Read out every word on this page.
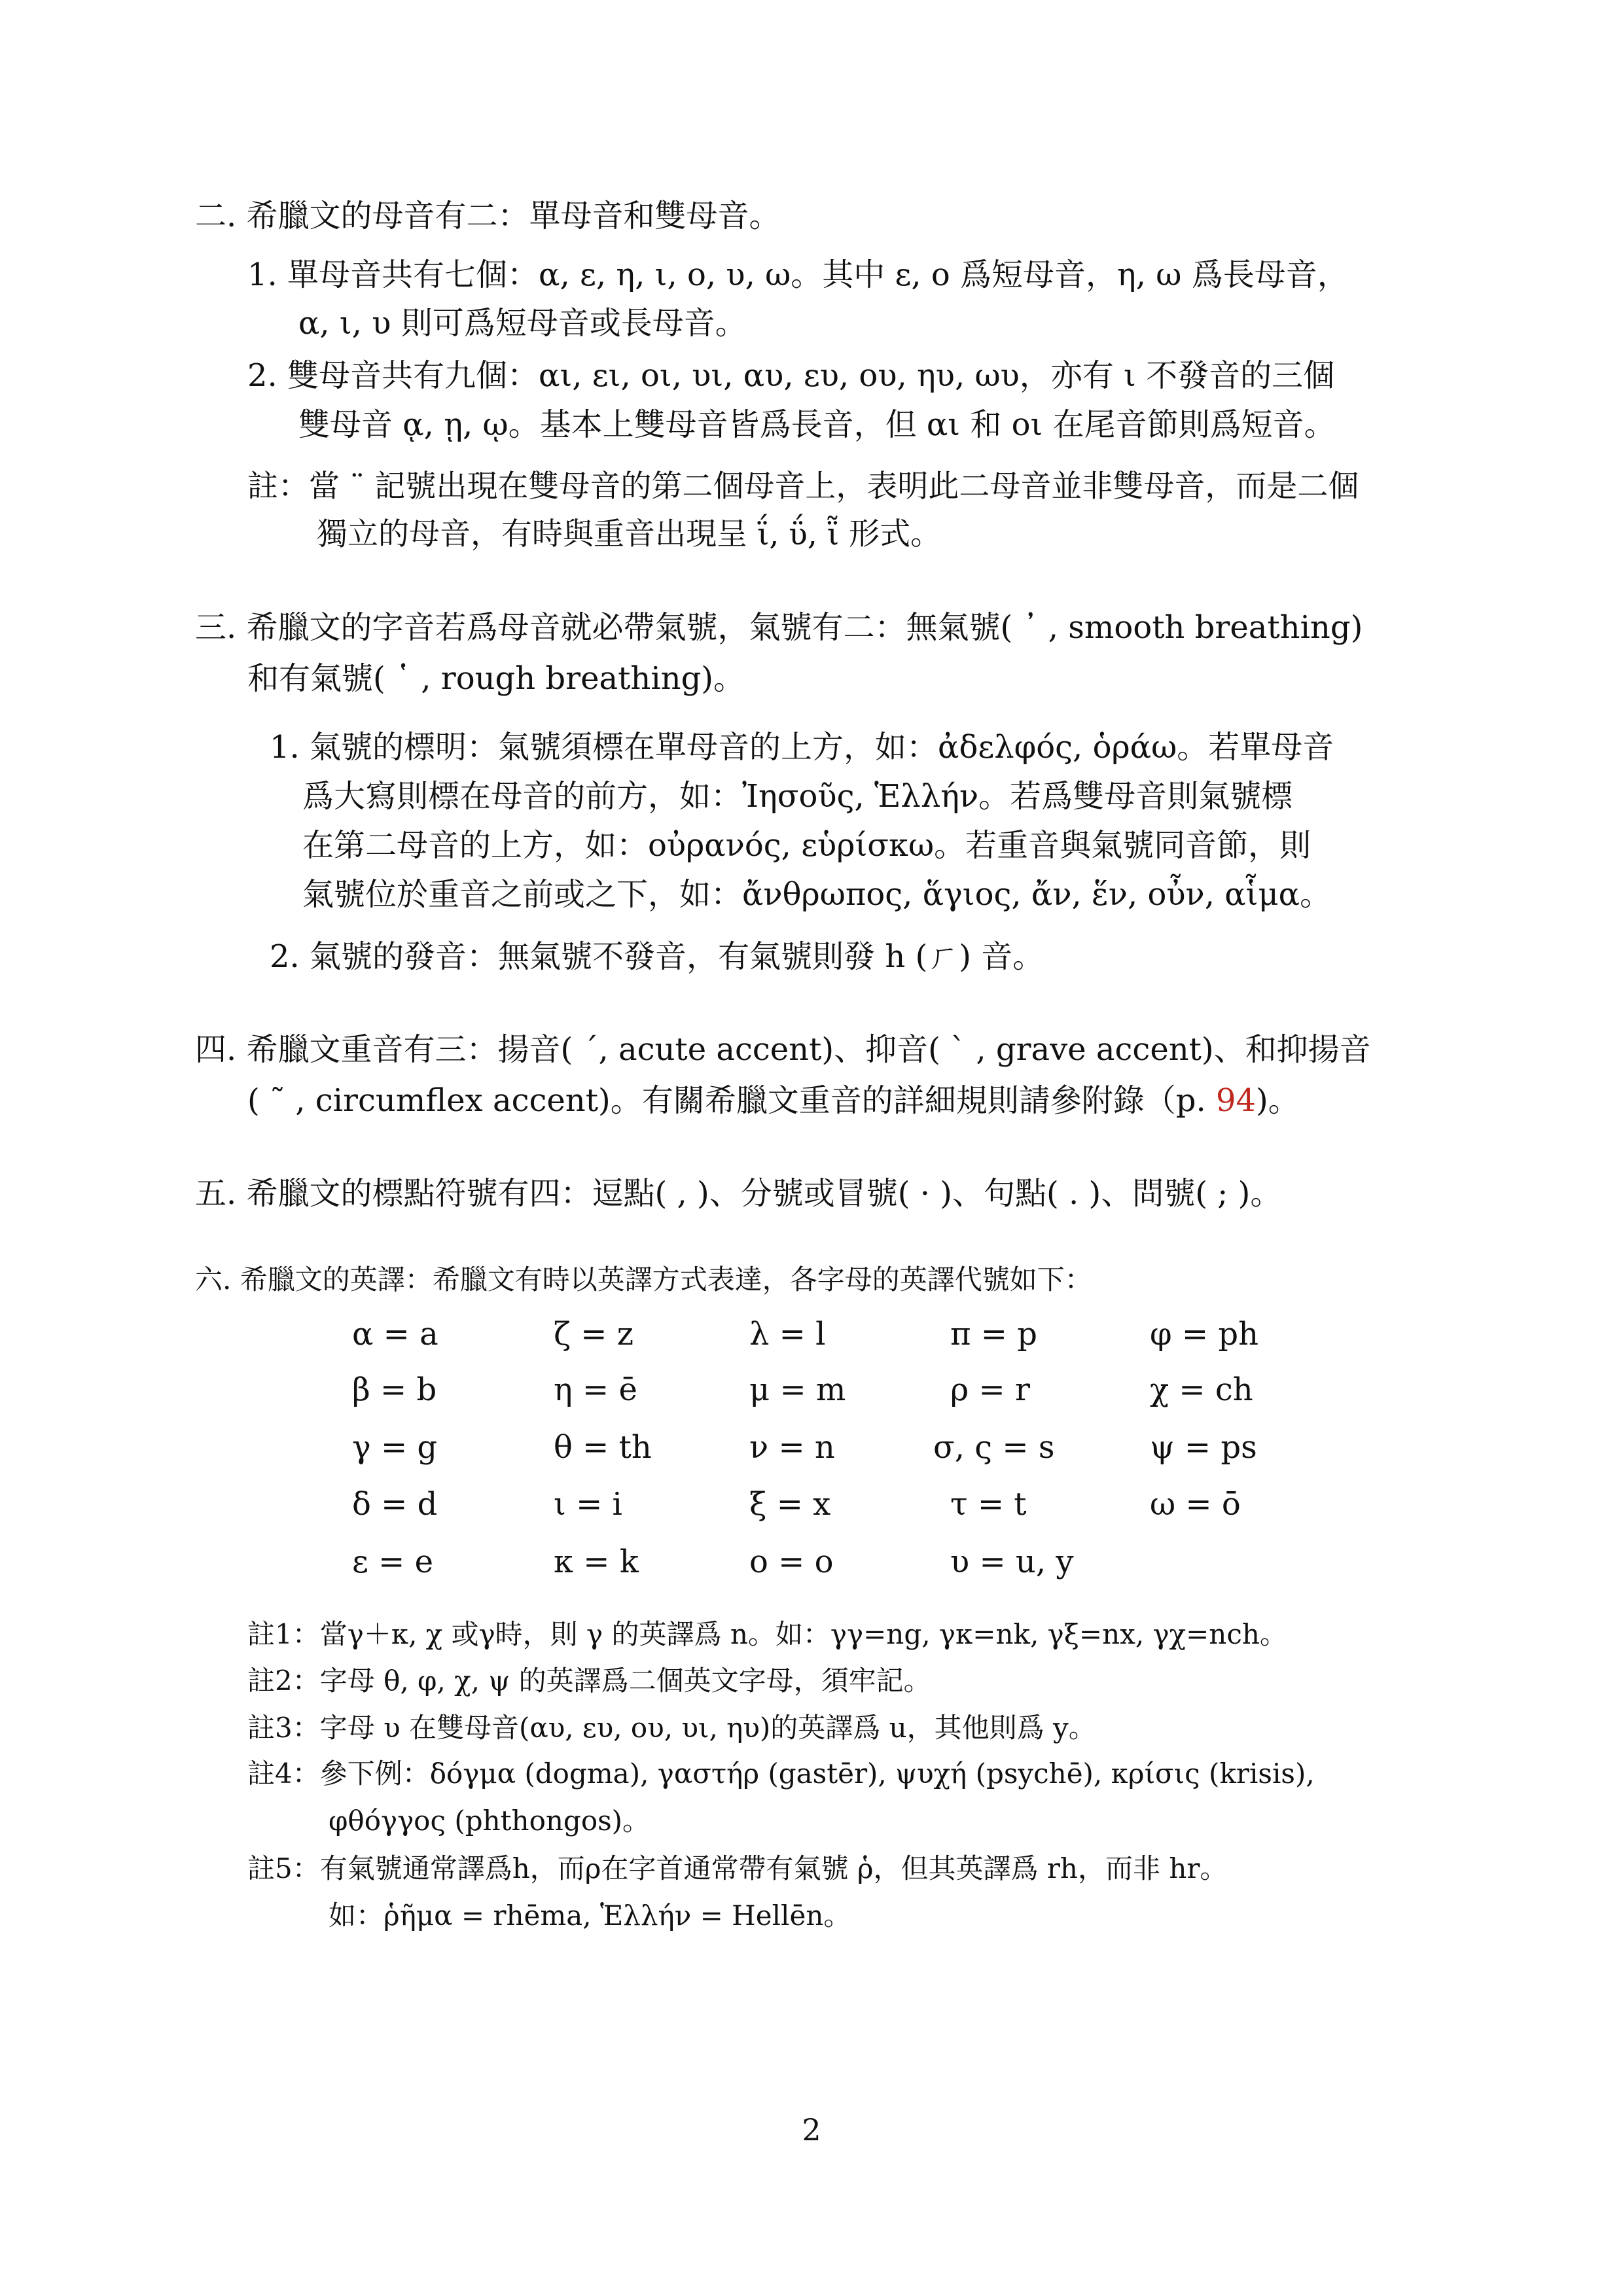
二. 希臘文的母音有二：單母音和雙母音。
1. 單母音共有七個：α, ε, η, ι, ο, υ, ω。其中 ε, ο 爲短母音，η, ω 爲長母音，
α, ι, υ 則可爲短母音或長母音。
2. 雙母音共有九個：αι, ει, οι, υι, αυ, ευ, ου, ηυ, ωυ，亦有 ι 不發音的三個
雙母音 ᾳ, ῃ, ῳ。基本上雙母音皆爲長音，但 αι 和 οι 在尾音節則爲短音。
註：當 ¨ 記號出現在雙母音的第二個母音上，表明此二母音並非雙母音，而是二個
獨立的母音，有時與重音出現呈 ΐ, ΰ, ῗ 形式。
三. 希臘文的字音若爲母音就必帶氣號，氣號有二：無氣號( ᾿ , smooth breathing)
和有氣號( ῾ , rough breathing)。
1. 氣號的標明：氣號須標在單母音的上方，如：ἀδελφός, ὁράω。若單母音
爲大寫則標在母音的前方，如：Ἰησοῦς, Ἑλλήν。若爲雙母音則氣號標
在第二母音的上方，如：οὐρανός, εὑρίσκω。若重音與氣號同音節，則
氣號位於重音之前或之下，如：ἄνθρωπος, ἅγιος, ἄν, ἕν, οὖν, αἷμα。
2. 氣號的發音：無氣號不發音，有氣號則發 h (ㄏ) 音。
四. 希臘文重音有三：揚音( ´, acute accent)、抑音( ` , grave accent)、和抑揚音
( ῀ , circumflex accent)。有關希臘文重音的詳細規則請參附錄（p. 94)。
五. 希臘文的標點符號有四：逗點( , )、分號或冒號( · )、句點( . )、問號( ; )。
六. 希臘文的英譯：希臘文有時以英譯方式表達，各字母的英譯代號如下：
α = a	ζ = z	λ = l	π = p	φ = ph
β = b	η = ē	μ = m	ρ = r	χ = ch
γ = g	θ = th	ν = n	σ, ς = s	ψ = ps
δ = d	ι = i	ξ = x	τ = t	ω = ō
ε = e	κ = k	ο = o	υ = u, y
註1：當γ＋κ, χ 或γ時，則 γ 的英譯爲 n。如：γγ=ng, γκ=nk, γξ=nx, γχ=nch。
註2：字母 θ, φ, χ, ψ 的英譯爲二個英文字母，須牢記。
註3：字母 υ 在雙母音(αυ, ευ, ου, υι, ηυ)的英譯爲 u，其他則爲 y。
註4：參下例：δόγμα (dogma), γαστήρ (gastēr), ψυχή (psychē), κρίσις (krisis),
φθόγγος (phthongos)。
註5：有氣號通常譯爲h，而ρ在字首通常帶有氣號 ῥ，但其英譯爲 rh，而非 hr。
如：ῥῆμα = rhēma, Ἑλλήν = Hellēn。
2
